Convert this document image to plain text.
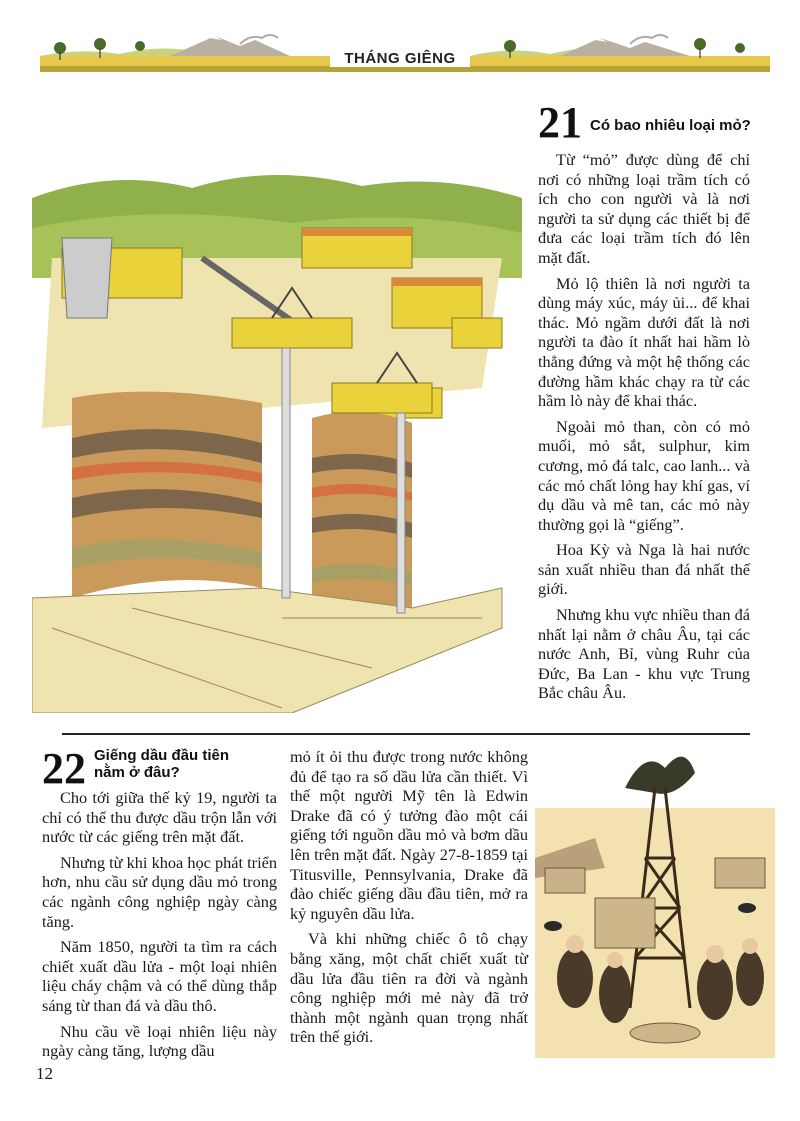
THÁNG GIÊNG
21 Có bao nhiêu loại mỏ?

Từ “mỏ” được dùng để chỉ nơi có những loại trầm tích có ích cho con người và là nơi người ta sử dụng các thiết bị để đưa các loại trầm tích đó lên mặt đất.

Mỏ lộ thiên là nơi người ta dùng máy xúc, máy ủi... để khai thác. Mỏ ngầm dưới đất là nơi người ta đào ít nhất hai hầm lò thẳng đứng và một hệ thống các đường hầm khác chạy ra từ các hầm lò này để khai thác.

Ngoài mỏ than, còn có mỏ muối, mỏ sắt, sulphur, kim cương, mỏ đá talc, cao lanh... và các mỏ chất lỏng hay khí gas, ví dụ dầu và mê tan, các mỏ này thường gọi là “giếng”.

Hoa Kỳ và Nga là hai nước sản xuất nhiều than đá nhất thế giới.

Nhưng khu vực nhiều than đá nhất lại nằm ở châu Âu, tại các nước Anh, Bỉ, vùng Ruhr của Đức, Ba Lan - khu vực Trung Bắc châu Âu.

22 Giếng dầu đầu tiên
nằm ở đâu?

Cho tới giữa thế kỷ 19, người ta chỉ có thể thu được dầu trộn lẫn với nước từ các giếng trên mặt đất.

Nhưng từ khi khoa học phát triển hơn, nhu cầu sử dụng dầu mỏ trong các ngành công nghiệp ngày càng tăng.

Năm 1850, người ta tìm ra cách chiết xuất dầu lửa - một loại nhiên liệu cháy chậm và có thể dùng thắp sáng từ than đá và dầu thô.

Nhu cầu về loại nhiên liệu này ngày càng tăng, lượng dầu

mỏ ít ỏi thu được trong nước không đủ để tạo ra số dầu lửa cần thiết. Vì thế một người Mỹ tên là Edwin Drake đã có ý tưởng đào một cái giếng tới nguồn dầu mỏ và bơm dầu lên trên mặt đất. Ngày 27-8-1859 tại Titusville, Pennsylvania, Drake đã đào chiếc giếng dầu đầu tiên, mở ra kỷ nguyên dầu lửa.

Và khi những chiếc ô tô chạy bằng xăng, một chất chiết xuất từ dầu lửa đầu tiên ra đời và ngành công nghiệp mới mẻ này đã trở thành một ngành quan trọng nhất trên thế giới.

12
